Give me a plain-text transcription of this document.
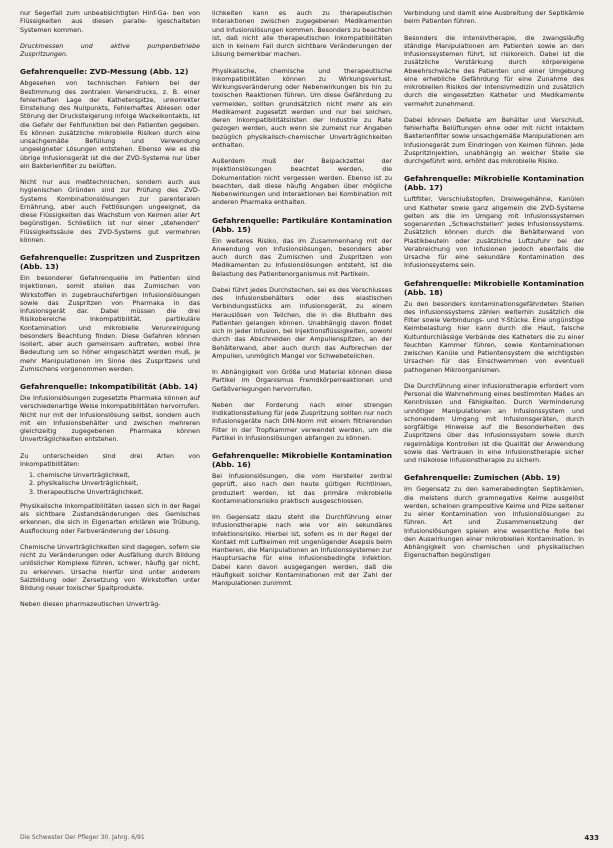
nur Segerfall zum unbeabsichtigten Hinf-Ga- ben von Flüssigkeiten aus diesen paralle- lgeschalteten Systemen kommen.

Druckmessen und aktive pumpenbetriebe Zuspritzungen.

Gefahrenquelle: ZVD-Messung (Abb. 12)

Abgesehen von technischen Fehlern bei der Bestimmung des zentralen Venendrucks, z. B. einer fehlerhaften Lage der Katheterspitze, unkorrekter Einstellung des Nullpunkts, Fehlerhaftes Ablesen oder Störung der Drucksteigerung infolge Wackelkontakts, ist die Gefahr der Fehlfunktion bei den Patienten gegeben. Es können zusätzliche mikrobielle Risiken durch eine unsachgemäße Befüllung und Verwendung ungeeigneter Lösungen entstehen. Ebenso wie es die übrige Infusionsgerät ist die der ZVD-Systeme nur über ein Bakterienfilter zu belüften.

Nicht nur aus meßtechnischen, sondern auch aus hygienischen Gründen sind zur Prüfung des ZVD-Systems Kombinationslösungen zur parenteralen Ernährung, aber auch Fettlösungen ungeeignet, da diese Flüssigkeiten das Wachstum von Keimen aller Art begünstigen. Schließlich ist nur einer „stehenden“ Flüssigkeitssäule des ZVD-Systems gut vermehren können.

Gefahrenquelle: Zuspritzen und Zuspritzen (Abb. 13)

Ein besonderer Gefahrenquelle im Patienten sind Injektionen, somit stellen das Zumischen von Wirkstoffen in zugebrauchsfertigen Infusionslösungen sowie das Zuspritzen von Pharmaka in das Infusionsgerät dar. Dabei müssen die drei Risikobereiche Inkompatibilität, partikuläre Kontamination und mikrobielle Verunreinigung besonders Beachtung finden. Diese Gefahren können isoliert, aber auch gemeinsam auftreten, wobei ihre Bedeutung um so höher eingeschätzt werden muß, je mehr Manipulationen im Sinne des Zuspritzens und Zumischens vorgenommen werden.

Gefahrenquelle: Inkompatibilität (Abb. 14)

Die Infusionslösungen zugesetzte Pharmaka können auf verschiedenartige Weise Inkompatibilitäten hervorrufen. Nicht nur mit der Infusionslösung selbst, sondern auch mit ein Infusionsbehälter und zwischen mehreren gleichzeitig zugegebenen Pharmaka können Unverträglichkeiten entstehen.

Zu unterscheiden sind drei Arten von Inkompatibilitäten:

1. chemische Unverträglichkeit,
2. physikalische Unverträglichkeit,
3. therapeutische Unverträglichkeit.

Physikalische Inkompatibilitäten lassen sich in der Regel als sichtbare Zustandsänderungen des Gemisches erkennen, die sich in Eigenarten erklären wie Trübung, Ausflockung oder Farbveränderung der Lösung.

Chemische Unverträglichkeiten sind dagegen, sofern sie nicht zu Veränderungen oder Ausfällung durch Bildung unlöslicher Komplexe führen, schwer, häufig gar nicht, zu erkennen. Ursache hierfür sind unter anderem Salzbildung oder Zersetzung von Wirkstoffen unter Bildung neuer toxischer Spaltprodukte.

Neben diesen pharmazeutischen Unverträg-

lichkeiten kann es auch zu therapeutischen Interaktionen zwischen zugegebenen Medikamenten und Infusionslösungen kommen. Besonders zu beachten ist, daß nicht alle therapeutischen Inkompatibilitäten sich in keinem Fall durch sichtbare Veränderungen der Lösung bemerkbar machen.

Physikalische, chemische und therapeutische Inkompatibilitäten können zu Wirkungsverlust, Wirkungsveränderung oder Nebenwirkungen bis hin zu toxischen Reaktionen führen. Um diese Gefährdung zu vermeiden, sollten grundsätzlich nicht mehr als ein Medikament zugesetzt werden und nur bei solchen, deren Inkompatibilitätslisten der Industrie zu Rate gezogen werden, auch wenn sie zumeist nur Angaben bezüglich physikalisch-chemischer Unverträglichkeiten enthalten.

Außerdem muß der Beipackzettel der Injektionslösungen beachtet werden, die Dokumentation nicht vergessen werden. Ebenso ist zu beachten, daß diese häufig Angaben über mögliche Nebenwirkungen und Interaktionen bei Kombination mit anderen Pharmaka enthalten.

Gefahrenquelle: Partikuläre Kontamination (Abb. 15)

Ein weiteres Risiko, das im Zusammenhang mit der Anwendung von Infusionslösungen, besonders aber auch durch das Zumischen und Zuspritzen von Medikamenten zu Infusionslösungen entsteht, ist die Belastung des Patientenorganismus mit Partikeln.

Dabei führt jedes Durchstechen, sei es des Verschlusses des Infusionsbehälters oder des elastischen Verbindungsstücks am Infusionsgerät, zu einem Herauslösen von Teilchen, die in die Blutbahn des Patienten gelangen können. Unabhängig davon findet sich in jeder Infusion, bei Injektionsflüssigkeiten, sowohl durch das Abschneiden der Ampullenspitzen, an der Behälterwand, aber auch durch das Aufbrechen der Ampullen, unmöglich Mangel vor Schwebeteilchen.

In Abhängigkeit von Größe und Material können diese Partikel im Organismus Fremdkörperreaktionen und Gefäßverlegungen hervorrufen.

Neben der Forderung nach einer strengen Indikationsstellung für jede Zuspritzung sollten nur noch Infusionsgeräte nach DIN-Norm mit einem filtrierenden Filter in der Tropfkammer verwendet werden, um die Partikel in Infusionslösungen abfangen zu können.

Gefahrenquelle: Mikrobielle Kontamination (Abb. 16)

Bei Infusionslösungen, die vom Hersteller zentral geprüft, also nach den heute gültigen Richtlinien, produziert werden, ist das primäre mikrobielle Kontaminationsrisiko praktisch ausgeschlossen.

Im Gegensatz dazu steht die Durchführung einer Infusionstherapie nach wie vor ein sekundäres Infektionsrisiko. Hierbei ist, sofern es in der Regel der Kontakt mit Luftkeimen mit ungenügender Asepsis beim Hantieren, die Manipulationen an Infusionssystemen zur Hauptursache für eine infusionsbedingte Infektion. Dabei kann davon ausgegangen werden, daß die Häufigkeit solcher Kontaminationen mit der Zahl der Manipulationen zunimmt.

Verbindung und damit eine Ausbreitung der Septikämie beim Patienten führen.

Besonders die Intensivtherapie, die zwangsläufig ständige Manipulationen am Patienten sowie an den Infusionssystemen führt, ist risikoreich. Dabei ist die zusätzliche Verstärkung durch körpereigene Abwehrschwäche des Patienten und einer Umgebung eine erhebliche Gefährdung für eine Zunahme des mikrobiellen Risikos der Intensivmedizin und zusätzlich durch die eingesetzten Katheter und Medikamente vermehrt zunehmend.

Dabei können Defekte am Behälter und Verschluß, fehlerhafte Belüftungen ohne oder mit nicht intaktem Bakterienfilter sowie unsachgemäße Manipulationen am Infusionsgerät zum Eindringen von Keimen führen. Jede Zuspritzinjektion, unabhängig an welcher Stelle sie durchgeführt wird, erhöht das mikrobielle Risiko.

Gefahrenquelle: Mikrobielle Kontamination (Abb. 17)

Luftfilter, Verschlußstopfen, Dreiwegehähne, Kanülen und Katheter sowie ganz allgemein die ZVD-Systeme gelten als die im Umgang mit Infusionssystemen sogenannten „Schwachstellen“ jedes Infusionssystems. Zusätzlich können durch die Behälterwand von Plastikbeuteln oder zusätzliche Luftzufuhr bei der Verabreichung von Infusionen jedoch ebenfalls die Ursache für eine sekundäre Kontamination des Infusionssystems sein.

Gefahrenquelle: Mikrobielle Kontamination (Abb. 18)

Zu den besonders kontaminationsgefährdeten Stellen des Infusionssystems zählen weiterhin zusätzlich die Filter sowie Verbindungs- und Y-Stücke. Eine ungünstige Keimbelastung hier kann durch die Haut, falsche Kulturdurchlässige Verbände des Katheters die zu einer feuchten Kammer führen, sowie Kontaminationen zwischen Kanüle und Patientensystem die wichtigsten Ursachen für das Einschwemmen von eventuell pathogenen Mikroorganismen.

Die Durchführung einer Infusionstherapie erfordert vom Personal die Wahrnehmung eines bestimmten Maßes an Kenntnissen und Fähigkeiten. Durch Verminderung unnötiger Manipulationen an Infusionssystem und schonendem Umgang mit Infusionsgeräten, durch sorgfältige Hinweise auf die Besonderheiten des Zuspritzens über das Infusionssystem sowie durch regelmäßige Kontrollen ist die Qualität der Anwendung sowie das Vertrauen in eine Infusionstherapie sicher und risikolose Infusionstherapie zu sichern.

Gefahrenquelle: Zumischen (Abb. 19)

Im Gegensatz zu den kamerabedingten Septikämien, die meistens durch gramnegative Keime ausgelöst werden, scheinen grampositive Keime und Pilze seltener zu einer Kontamination von Infusionslösungen zu führen. Art und Zusammensetzung der Infusionslösungen spielen eine wesentliche Rolle bei den Auswirkungen einer mikrobiellen Kontamination. In Abhängigkeit von chemischen und physikalischen Eigenschaften begünstigen

Die Schwester Der Pfleger 30. Jahrg. 6/91	433
